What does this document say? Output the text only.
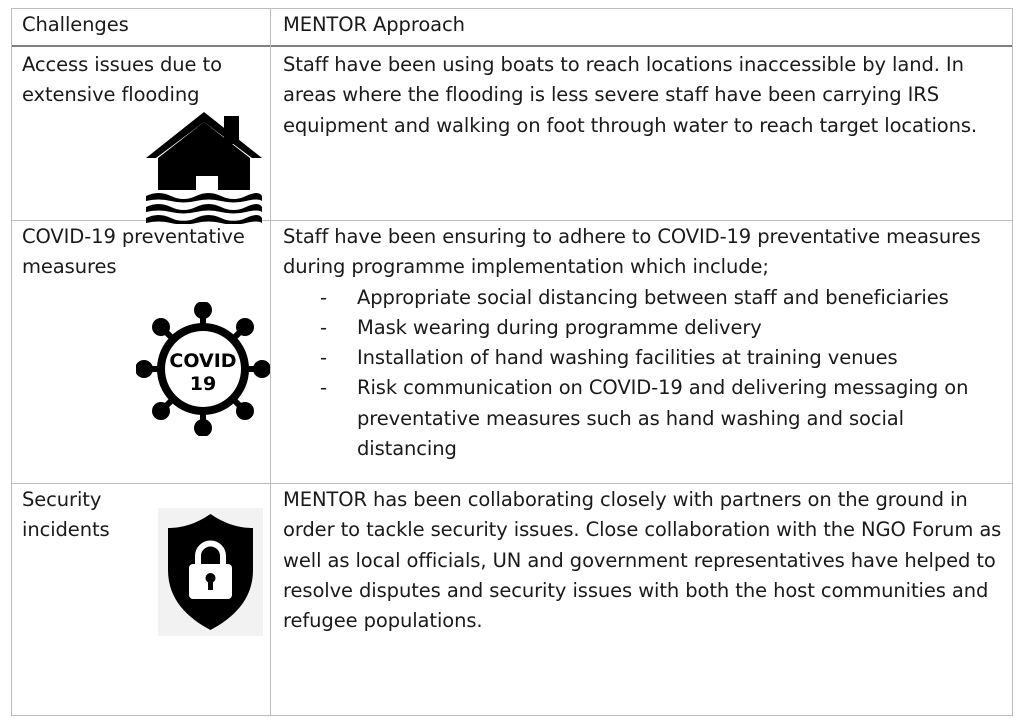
Challenges	MENTOR Approach
Access issues due to extensive flooding
Staff have been using boats to reach locations inaccessible by land. In areas where the flooding is less severe staff have been carrying IRS equipment and walking on foot through water to reach target locations.
COVID-19 preventative measures
COVID
19

Staff have been ensuring to adhere to COVID-19 preventative measures during programme implementation which include;

- Appropriate social distancing between staff and beneficiaries
- Mask wearing during programme delivery
- Installation of hand washing facilities at training venues
- Risk communication on COVID-19 and delivering messaging on preventative measures such as hand washing and social distancing
Security incidents
MENTOR has been collaborating closely with partners on the ground in order to tackle security issues. Close collaboration with the NGO Forum as well as local officials, UN and government representatives have helped to resolve disputes and security issues with both the host communities and refugee populations.
